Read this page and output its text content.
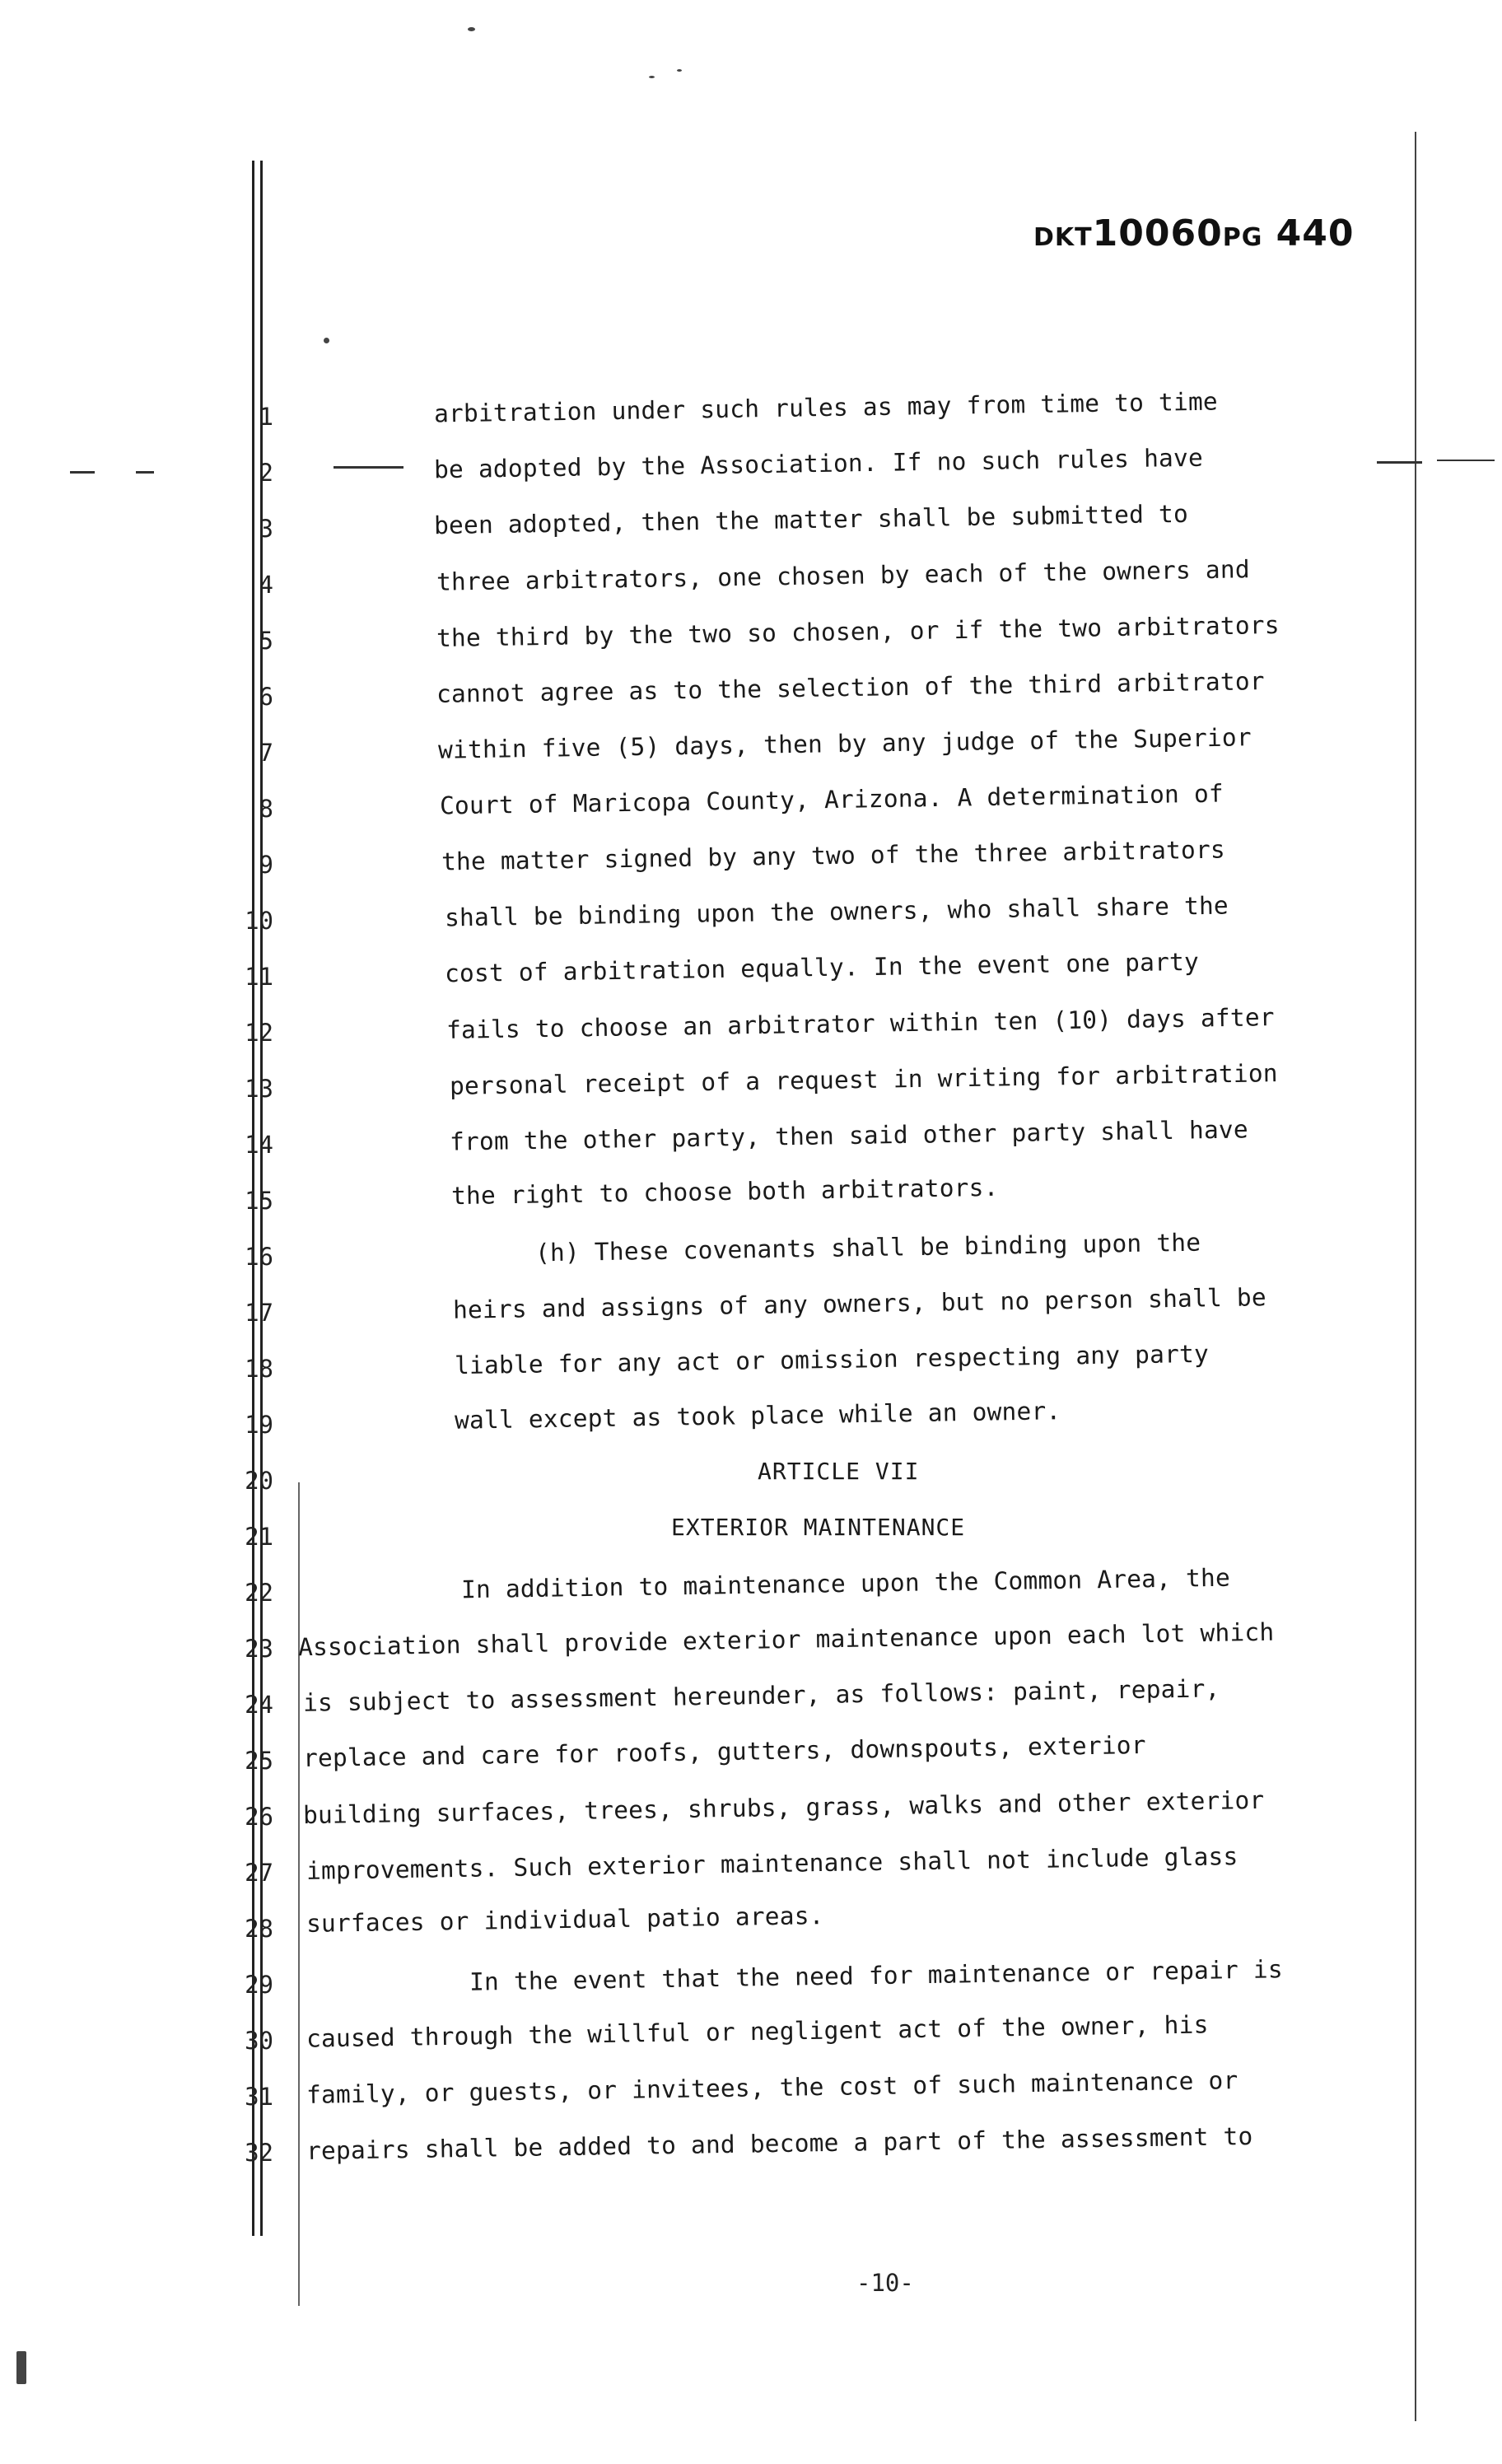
DKT10060PG 440
1
2
3
4
5
6
7
8
9
10
11
12
13
14
15
16
17
18
19
20
21
22
23
24
25
26
27
28
29
30
31
32
arbitration under such rules as may from time to time
be adopted by the Association. If no such rules have
been adopted, then the matter shall be submitted to
three arbitrators, one chosen by each of the owners and
the third by the two so chosen, or if the two arbitrators
cannot agree as to the selection of the third arbitrator
within five (5) days, then by any judge of the Superior
Court of Maricopa County, Arizona. A determination of
the matter signed by any two of the three arbitrators
shall be binding upon the owners, who shall share the
cost of arbitration equally. In the event one party
fails to choose an arbitrator within ten (10) days after
personal receipt of a request in writing for arbitration
from the other party, then said other party shall have
the right to choose both arbitrators.
(h) These covenants shall be binding upon the
heirs and assigns of any owners, but no person shall be
liable for any act or omission respecting any party
wall except as took place while an owner.
ARTICLE VII
EXTERIOR MAINTENANCE
In addition to maintenance upon the Common Area, the
Association shall provide exterior maintenance upon each lot which
is subject to assessment hereunder, as follows: paint, repair,
replace and care for roofs, gutters, downspouts, exterior
building surfaces, trees, shrubs, grass, walks and other exterior
improvements. Such exterior maintenance shall not include glass
surfaces or individual patio areas.
In the event that the need for maintenance or repair is
caused through the willful or negligent act of the owner, his
family, or guests, or invitees, the cost of such maintenance or
repairs shall be added to and become a part of the assessment to
-10-
